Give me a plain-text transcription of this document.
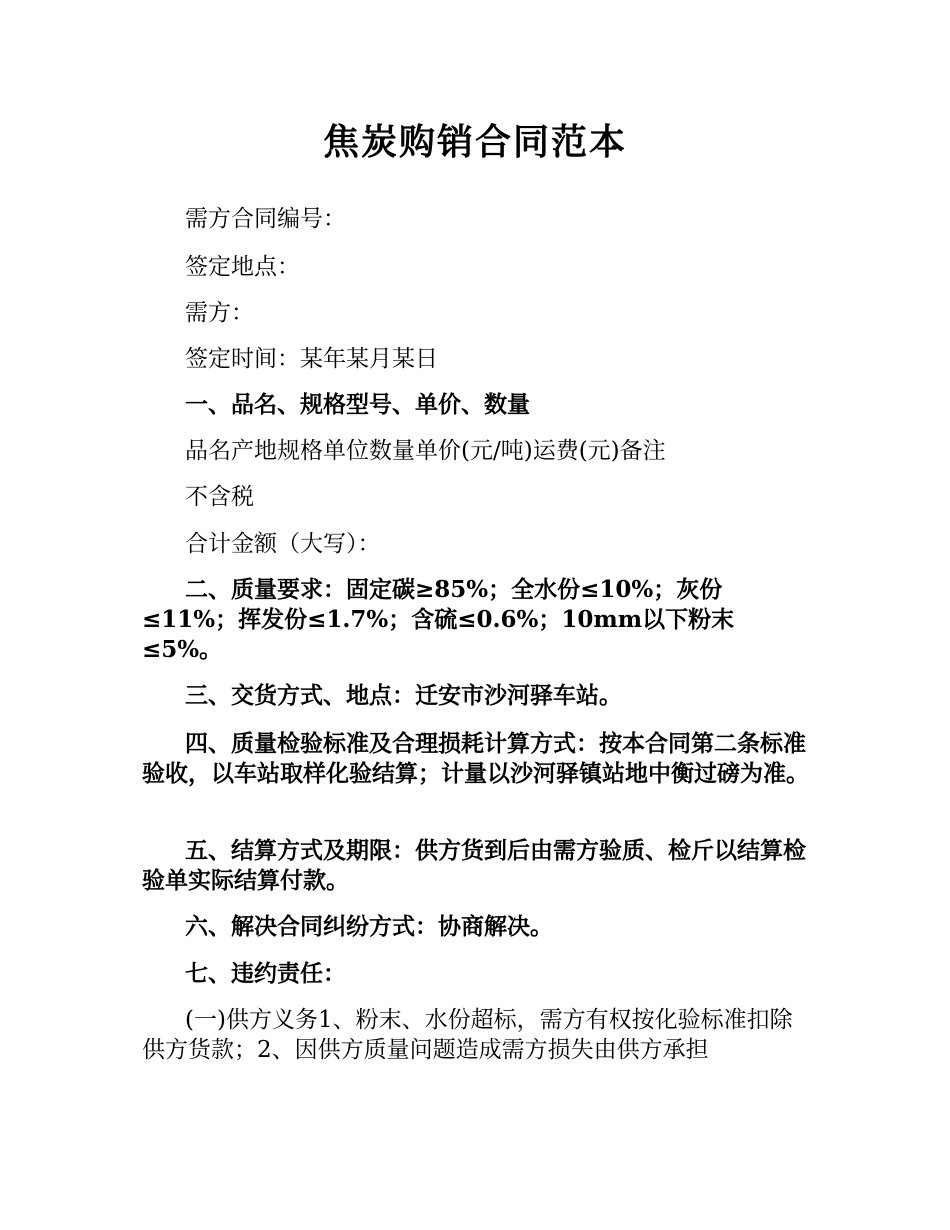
焦炭购销合同范本

需方合同编号：

签定地点：

需方：

签定时间：某年某月某日

一、品名、规格型号、单价、数量

品名产地规格单位数量单价(元/吨)运费(元)备注

不含税

合计金额（大写）：

二、质量要求：固定碳≥85%；全水份≤10%；灰份≤11%；挥发份≤1.7%；含硫≤0.6%；10mm以下粉末≤5%。

三、交货方式、地点：迁安市沙河驿车站。

四、质量检验标准及合理损耗计算方式：按本合同第二条标准验收，以车站取样化验结算；计量以沙河驿镇站地中衡过磅为准。

五、结算方式及期限：供方货到后由需方验质、检斤以结算检验单实际结算付款。

六、解决合同纠纷方式：协商解决。

七、违约责任：

(一)供方义务1、粉末、水份超标，需方有权按化验标准扣除供方货款；2、因供方质量问题造成需方损失由供方承担
